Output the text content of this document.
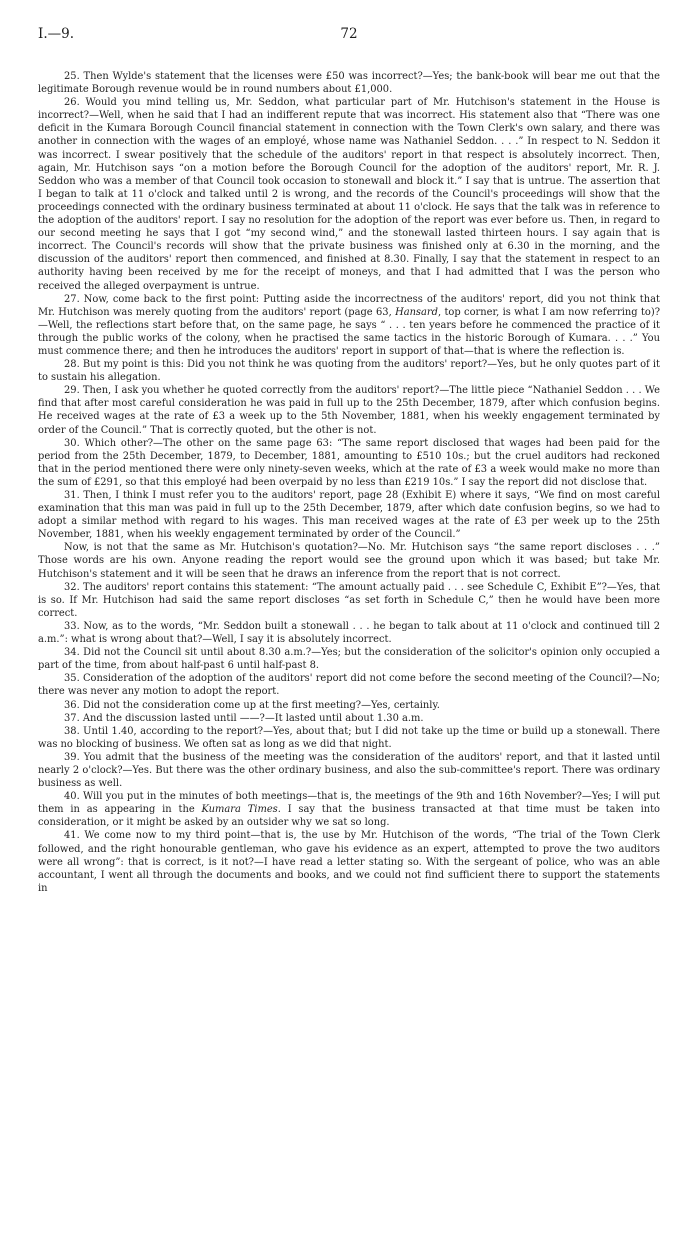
I.—9.	72

25. Then Wylde's statement that the licenses were £50 was incorrect?—Yes; the bank-book will bear me out that the legitimate Borough revenue would be in round numbers about £1,000.

26. Would you mind telling us, Mr. Seddon, what particular part of Mr. Hutchison's statement in the House is incorrect?—Well, when he said that I had an indifferent repute that was incorrect. His statement also that “There was one deficit in the Kumara Borough Council financial statement in connection with the Town Clerk's own salary, and there was another in connection with the wages of an employé, whose name was Nathaniel Seddon. . . .” In respect to N. Seddon it was incorrect. I swear positively that the schedule of the auditors' report in that respect is absolutely incorrect. Then, again, Mr. Hutchison says “on a motion before the Borough Council for the adoption of the auditors' report, Mr. R. J. Seddon who was a member of that Council took occasion to stonewall and block it.” I say that is untrue. The assertion that I began to talk at 11 o'clock and talked until 2 is wrong, and the records of the Council's proceedings will show that the proceedings connected with the ordinary business terminated at about 11 o'clock. He says that the talk was in reference to the adoption of the auditors' report. I say no resolution for the adoption of the report was ever before us. Then, in regard to our second meeting he says that I got “my second wind,” and the stonewall lasted thirteen hours. I say again that is incorrect. The Council's records will show that the private business was finished only at 6.30 in the morning, and the discussion of the auditors' report then commenced, and finished at 8.30. Finally, I say that the statement in respect to an authority having been received by me for the receipt of moneys, and that I had admitted that I was the person who received the alleged overpayment is untrue.

27. Now, come back to the first point: Putting aside the incorrectness of the auditors' report, did you not think that Mr. Hutchison was merely quoting from the auditors' report (page 63, Hansard, top corner, is what I am now referring to)?—Well, the reflections start before that, on the same page, he says “ . . . ten years before he commenced the practice of it through the public works of the colony, when he practised the same tactics in the historic Borough of Kumara. . . .” You must commence there; and then he introduces the auditors' report in support of that—that is where the reflection is.

28. But my point is this: Did you not think he was quoting from the auditors' report?—Yes, but he only quotes part of it to sustain his allegation.

29. Then, I ask you whether he quoted correctly from the auditors' report?—The little piece “Nathaniel Seddon . . . We find that after most careful consideration he was paid in full up to the 25th December, 1879, after which confusion begins. He received wages at the rate of £3 a week up to the 5th November, 1881, when his weekly engagement terminated by order of the Council.” That is correctly quoted, but the other is not.

30. Which other?—The other on the same page 63: “The same report disclosed that wages had been paid for the period from the 25th December, 1879, to December, 1881, amounting to £510 10s.; but the cruel auditors had reckoned that in the period mentioned there were only ninety-seven weeks, which at the rate of £3 a week would make no more than the sum of £291, so that this employé had been overpaid by no less than £219 10s.” I say the report did not disclose that.

31. Then, I think I must refer you to the auditors' report, page 28 (Exhibit E) where it says, “We find on most careful examination that this man was paid in full up to the 25th December, 1879, after which date confusion begins, so we had to adopt a similar method with regard to his wages. This man received wages at the rate of £3 per week up to the 25th November, 1881, when his weekly engagement terminated by order of the Council.”

Now, is not that the same as Mr. Hutchison's quotation?—No. Mr. Hutchison says “the same report discloses . . .” Those words are his own. Anyone reading the report would see the ground upon which it was based; but take Mr. Hutchison's statement and it will be seen that he draws an inference from the report that is not correct.

32. The auditors' report contains this statement: “The amount actually paid . . . see Schedule C, Exhibit E”?—Yes, that is so. If Mr. Hutchison had said the same report discloses “as set forth in Schedule C,” then he would have been more correct.

33. Now, as to the words, “Mr. Seddon built a stonewall . . . he began to talk about at 11 o'clock and continued till 2 a.m.”: what is wrong about that?—Well, I say it is absolutely incorrect.

34. Did not the Council sit until about 8.30 a.m.?—Yes; but the consideration of the solicitor's opinion only occupied a part of the time, from about half-past 6 until half-past 8.

35. Consideration of the adoption of the auditors' report did not come before the second meeting of the Council?—No; there was never any motion to adopt the report.

36. Did not the consideration come up at the first meeting?—Yes, certainly.

37. And the discussion lasted until ——?—It lasted until about 1.30 a.m.

38. Until 1.40, according to the report?—Yes, about that; but I did not take up the time or build up a stonewall. There was no blocking of business. We often sat as long as we did that night.

39. You admit that the business of the meeting was the consideration of the auditors' report, and that it lasted until nearly 2 o'clock?—Yes. But there was the other ordinary business, and also the sub-committee's report. There was ordinary business as well.

40. Will you put in the minutes of both meetings—that is, the meetings of the 9th and 16th November?—Yes; I will put them in as appearing in the Kumara Times. I say that the business transacted at that time must be taken into consideration, or it might be asked by an outsider why we sat so long.

41. We come now to my third point—that is, the use by Mr. Hutchison of the words, “The trial of the Town Clerk followed, and the right honourable gentleman, who gave his evidence as an expert, attempted to prove the two auditors were all wrong”: that is correct, is it not?—I have read a letter stating so. With the sergeant of police, who was an able accountant, I went all through the documents and books, and we could not find sufficient there to support the statements in
